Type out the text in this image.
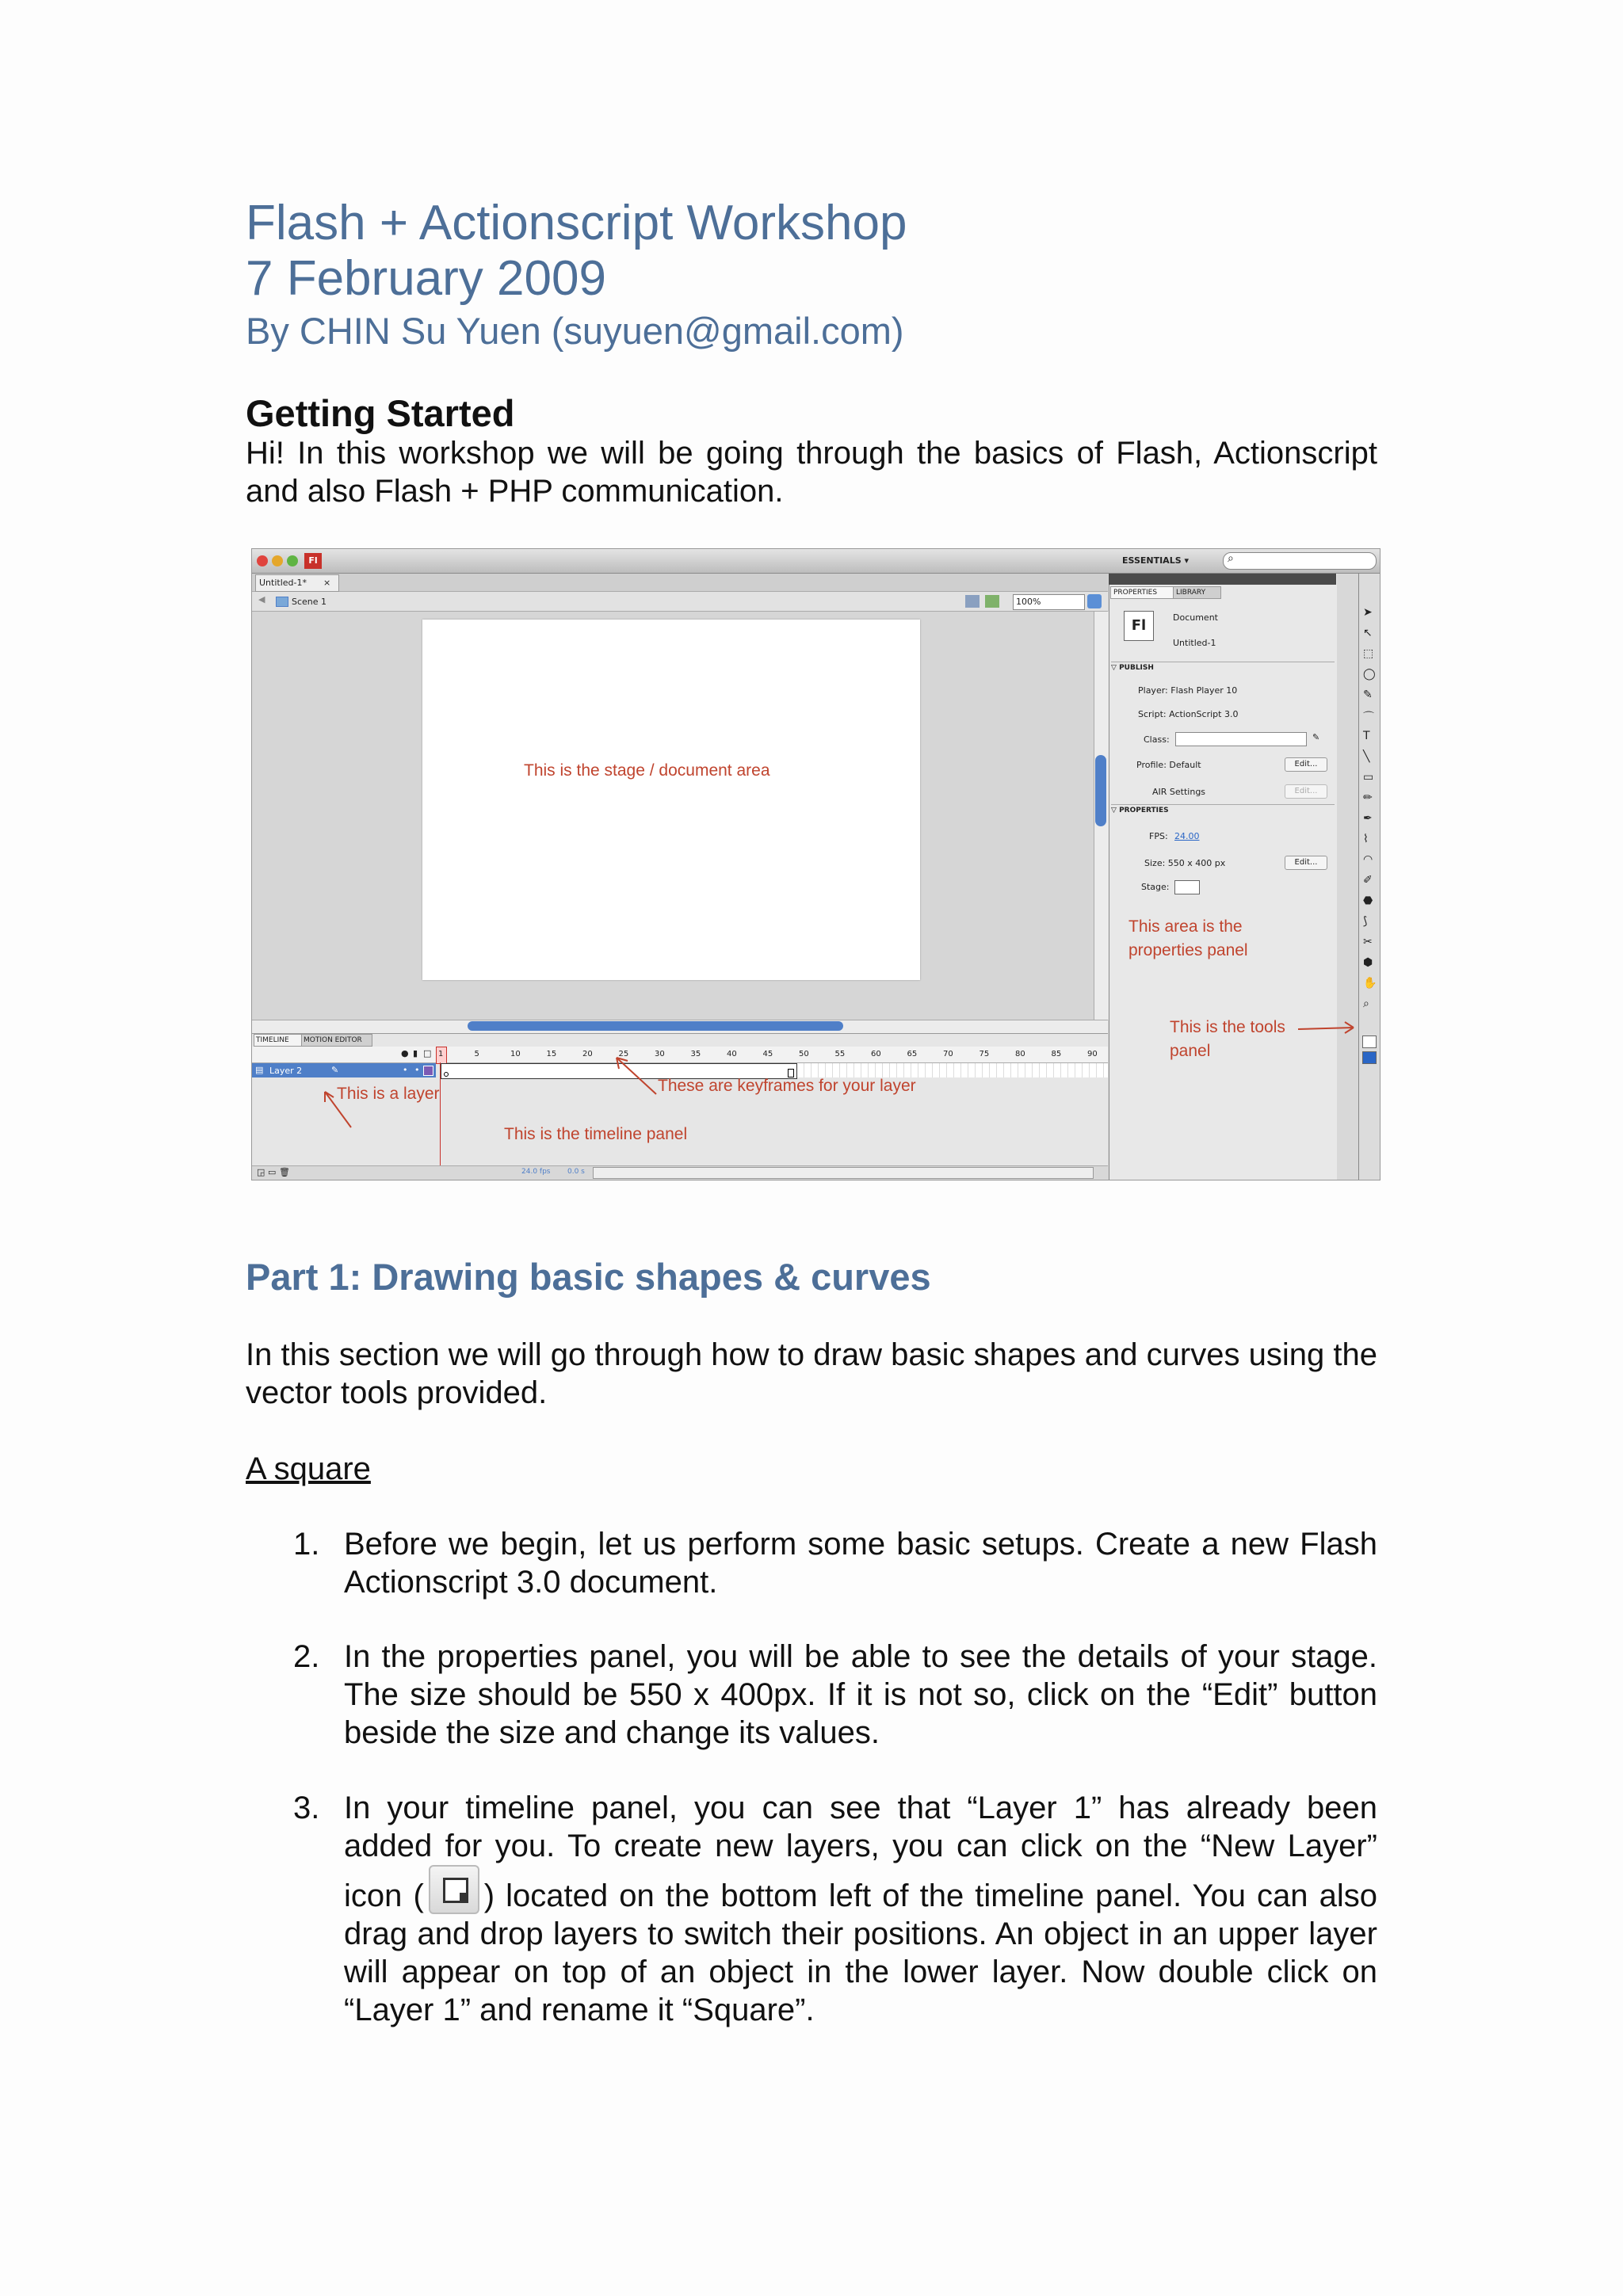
Flash + Actionscript Workshop
7 February 2009
By CHIN Su Yuen (suyuen@gmail.com)
Getting Started
Hi! In this workshop we will be going through the basics of Flash, Actionscript and also Flash + PHP communication.
Fl	ESSENTIALS ▾	⌕
Untitled-1*	×
◀	Scene 1	100%
This is the stage / document area
TIMELINE	MOTION EDITOR
● ▮ □ 1	5	10	15	20	25	30	35	40	45	50	55	60	65	70	75	80	85	90
▤ Layer 2	✎	• •
This is a layer	These are keyframes for your layer
This is the timeline panel
◲ ▭ 🗑	24.0 fps 0.0 s
PROPERTIES	LIBRARY
Fl	Document
Untitled-1
▽ PUBLISH
Player: Flash Player 10
Script: ActionScript 3.0
Class:	✎
Profile: Default	Edit...
AIR Settings	Edit...
▽ PROPERTIES
FPS: 24.00
Size: 550 x 400 px	Edit...
Stage:
This area is the
properties panel
This is the tools
panel
➤
↖
⬚
◯
✎
⌒
T
╲
▭
✏
✒
⌇
◠
✐
⬣
⟆
✂
⬢
✋
⌕
Part 1: Drawing basic shapes & curves
In this section we will go through how to draw basic shapes and curves using the vector tools provided.
A square
1. Before we begin, let us perform some basic setups. Create a new Flash Actionscript 3.0 document.
2. In the properties panel, you will be able to see the details of your stage. The size should be 550 x 400px. If it is not so, click on the “Edit” button beside the size and change its values.
3. In your timeline panel, you can see that “Layer 1” has already been added for you. To create new layers, you can click on the “New Layer” icon ( ) located on the bottom left of the timeline panel. You can also drag and drop layers to switch their positions. An object in an upper layer will appear on top of an object in the lower layer. Now double click on “Layer 1” and rename it “Square”.
